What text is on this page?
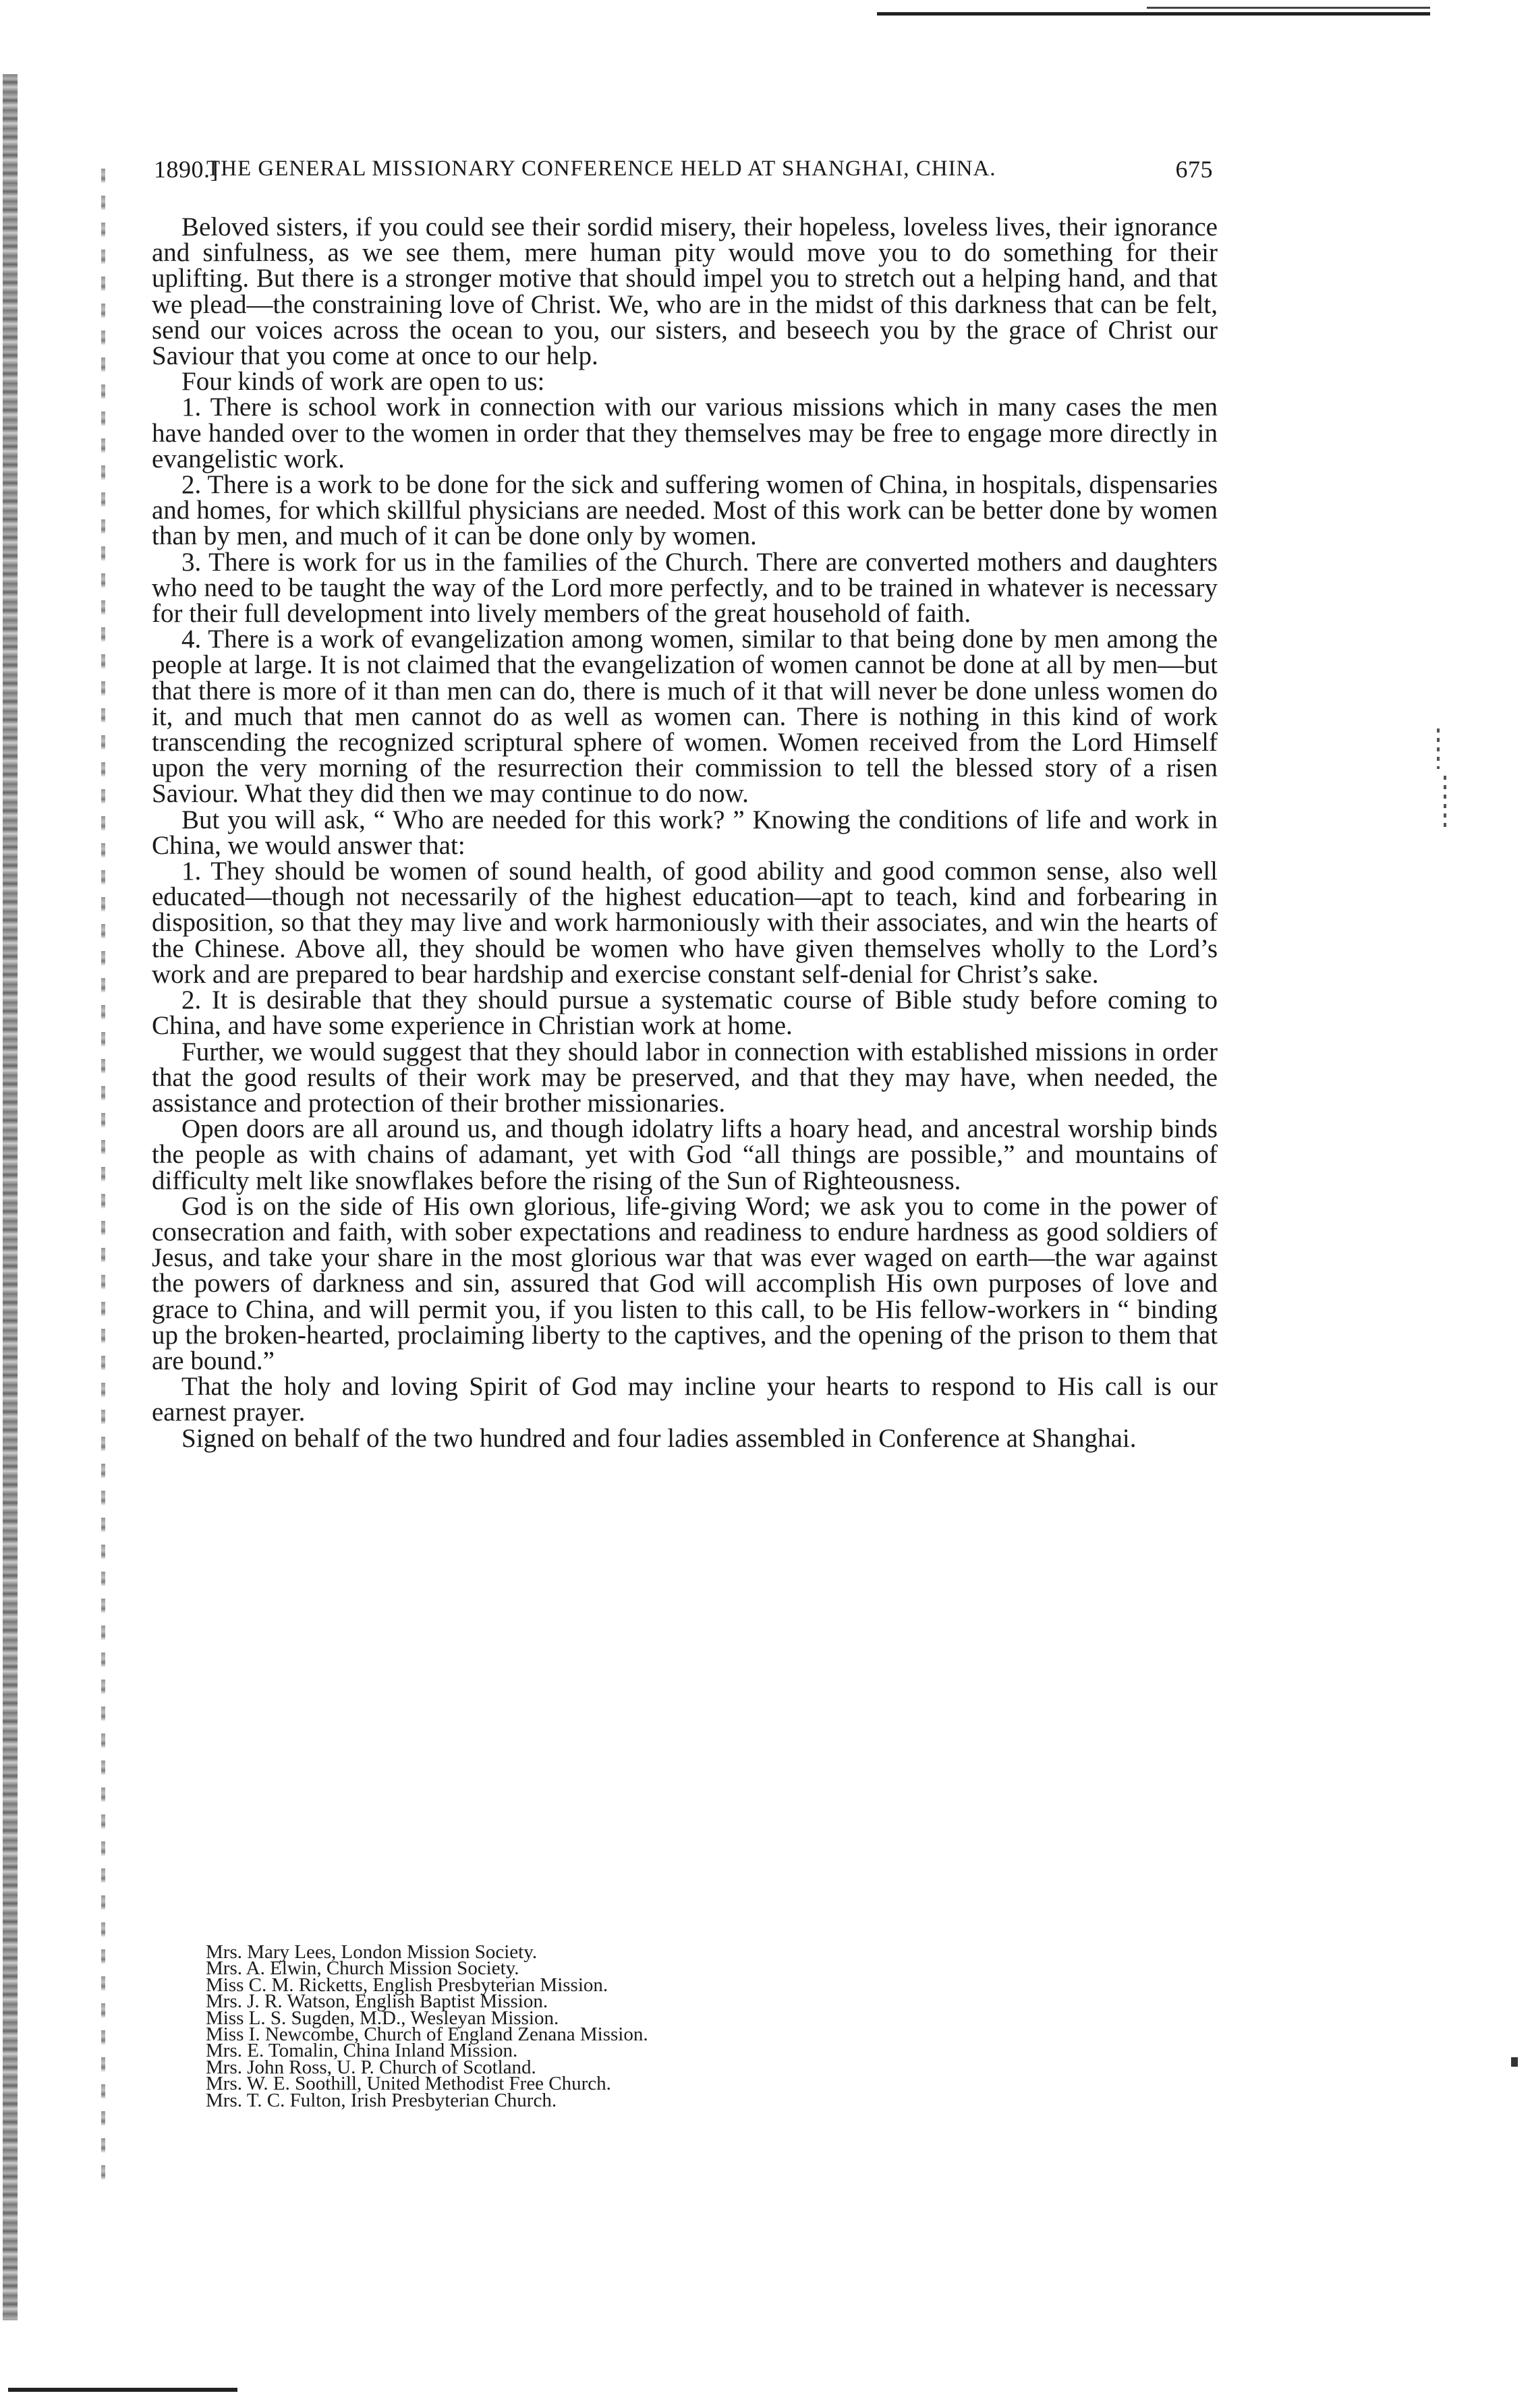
1890.]
THE GENERAL MISSIONARY CONFERENCE HELD AT SHANGHAI, CHINA.	675

Beloved sisters, if you could see their sordid misery, their hopeless, loveless lives, their ignorance and sinfulness, as we see them, mere human pity would move you to do something for their uplifting. But there is a stronger motive that should impel you to stretch out a helping hand, and that we plead—the constraining love of Christ. We, who are in the midst of this darkness that can be felt, send our voices across the ocean to you, our sisters, and beseech you by the grace of Christ our Saviour that you come at once to our help.

Four kinds of work are open to us:

1. There is school work in connection with our various missions which in many cases the men have handed over to the women in order that they themselves may be free to engage more directly in evangelistic work.

2. There is a work to be done for the sick and suffering women of China, in hospitals, dispensaries and homes, for which skillful physicians are needed. Most of this work can be better done by women than by men, and much of it can be done only by women.

3. There is work for us in the families of the Church. There are converted mothers and daughters who need to be taught the way of the Lord more perfectly, and to be trained in whatever is necessary for their full development into lively members of the great household of faith.

4. There is a work of evangelization among women, similar to that being done by men among the people at large. It is not claimed that the evangelization of women cannot be done at all by men—but that there is more of it than men can do, there is much of it that will never be done unless women do it, and much that men cannot do as well as women can. There is nothing in this kind of work transcending the recognized scriptural sphere of women. Women received from the Lord Himself upon the very morning of the resurrection their commission to tell the blessed story of a risen Saviour. What they did then we may continue to do now.

But you will ask, “ Who are needed for this work? ” Knowing the conditions of life and work in China, we would answer that:

1. They should be women of sound health, of good ability and good common sense, also well educated—though not necessarily of the highest education—apt to teach, kind and forbearing in disposition, so that they may live and work harmoniously with their associates, and win the hearts of the Chinese. Above all, they should be women who have given themselves wholly to the Lord’s work and are prepared to bear hardship and exercise constant self-denial for Christ’s sake.

2. It is desirable that they should pursue a systematic course of Bible study before coming to China, and have some experience in Christian work at home.

Further, we would suggest that they should labor in connection with established missions in order that the good results of their work may be preserved, and that they may have, when needed, the assistance and protection of their brother missionaries.

Open doors are all around us, and though idolatry lifts a hoary head, and ancestral worship binds the people as with chains of adamant, yet with God “all things are possible,” and mountains of difficulty melt like snowflakes before the rising of the Sun of Righteousness.

God is on the side of His own glorious, life-giving Word; we ask you to come in the power of consecration and faith, with sober expectations and readiness to endure hardness as good soldiers of Jesus, and take your share in the most glorious war that was ever waged on earth—the war against the powers of darkness and sin, assured that God will accomplish His own purposes of love and grace to China, and will permit you, if you listen to this call, to be His fellow-workers in “ binding up the broken-hearted, proclaiming liberty to the captives, and the opening of the prison to them that are bound.”

That the holy and loving Spirit of God may incline your hearts to respond to His call is our earnest prayer.

Signed on behalf of the two hundred and four ladies assembled in Conference at Shanghai.

Mrs. Mary Lees, London Mission Society.
Mrs. A. Elwin, Church Mission Society.
Miss C. M. Ricketts, English Presbyterian Mission.
Mrs. J. R. Watson, English Baptist Mission.
Miss L. S. Sugden, M.D., Wesleyan Mission.
Miss I. Newcombe, Church of England Zenana Mission.
Mrs. E. Tomalin, China Inland Mission.
Mrs. John Ross, U. P. Church of Scotland.
Mrs. W. E. Soothill, United Methodist Free Church.
Mrs. T. C. Fulton, Irish Presbyterian Church.
